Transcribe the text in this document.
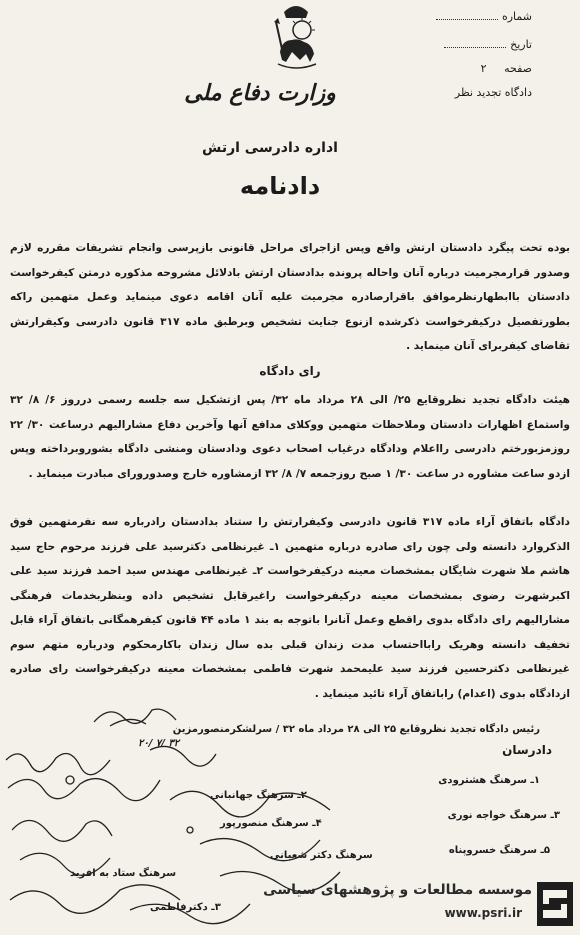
شماره
تاریخ
صفحه ۲
دادگاه تجدید نظر
وزارت دفاع ملی
اداره دادرسی ارتش
دادنامه
بوده تحت پیگرد دادستان ارتش واقع وپس ازاجرای مراحل قانونی بازپرسی وانجام تشریفات مقرره لازم وصدور قرارمجرمیت درباره آنان واحاله پرونده بدادستان ارتش بادلائل مشروحه مذکوره درمتن کیفرخواست دادستان باابطهارنظرموافق باقرارصادره مجرمیت علیه آنان اقامه دعوی مینماید وعمل متهمین راکه بطورتفصیل درکیفرخواست ذکرشده ازنوع جنایت تشخیص وبرطبق ماده ۳۱۷ قانون دادرسی وکیفرارتش تقاضای کیفربرای آنان مینماید .
رای دادگاه
هیئت دادگاه تجدید نظروقایع ۲۵/ الی ۲۸ مرداد ماه ۳۲/ پس ازتشکیل سه جلسه رسمی درروز ۶/ ۸/ ۳۲ واستماع اظهارات دادستان وملاحظات متهمین ووکلای مدافع آنها وآخرین دفاع مشارالیهم درساعت ۳۰/ ۲۲ روزمزبورختم دادرسی رااعلام ودادگاه درغیاب اصحاب دعوی ودادستان ومنشی دادگاه بشوروبرداخته وپس ازدو ساعت مشاوره در ساعت ۳۰/ ۱ صبح روزجمعه ۷/ ۸/ ۳۲ ازمشاوره خارج وصدورورای مبادرت مینماید .
دادگاه باتفاق آراء ماده ۳۱۷ قانون دادرسی وکیفرارتش را ستناد بدادستان رادرباره سه نفرمتهمین فوق الذکروارد دانسته ولی چون رای صادره درباره متهمین ۱ـ غیرنظامی دکترسید علی فرزند مرحوم حاج سید هاشم ملا شهرت شایگان بمشخصات معینه درکیفرخواست ۲ـ غیرنظامی مهندس سید احمد فرزند سید علی اکبرشهرت رضوی بمشخصات معینه درکیفرخواست راغیرقابل تشخیص داده وبنظربخدمات فرهنگی مشارالیهم رای دادگاه بدوی راقطع وعمل آنانرا باتوجه به بند ۱ ماده ۴۴ قانون کیفرهمگانی باتفاق آراء قابل تخفیف دانسته وهریک رابااحتساب مدت زندان قبلی بده سال زندان باکارمحکوم ودرباره متهم سوم غیرنظامی دکترحسین فرزند سید علیمحمد شهرت فاطمی بمشخصات معینه درکیفرخواست رای صادره ازدادگاه بدوی (اعدام) راباتفاق آراء تائید مینماید .
رئیس دادگاه تجدید نظروقایع ۲۵ الی ۲۸ مرداد ماه ۳۲ / سرلشکرمنصورمزین
دادرسان
۱ـ سرهنگ هشترودی
۳ـ سرهنگ خواجه نوری
۵ـ سرهنگ خسروپناه
۲ـ سرهنگ جهانبانی
۴ـ سرهنگ منصورپور
سرهنگ دکتر شعبانی
۳ـ دکترفاطمی
سرهنگ ستاد به افرید
۲۰/ ۷/ ۳۲
موسسه مطالعات و پژوهشهای سیاسی
www.psri.ir
